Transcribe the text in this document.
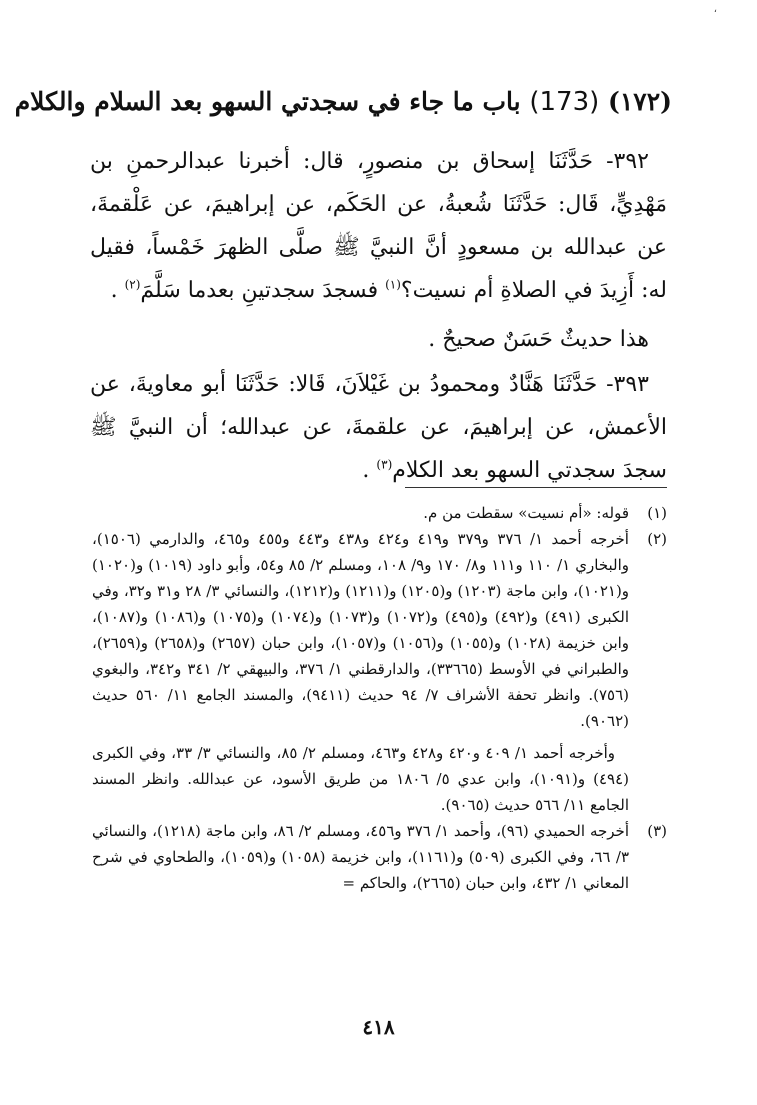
،
(١٧٢) (173) باب ما جاء في سجدتي السهو بعد السلام والكلام

٣٩٢- حَدَّثَنَا إسحاق بن منصورٍ، قال: أخبرنا عبدالرحمنِ بن مَهْدِيٍّ، قَال: حَدَّثَنَا شُعبةُ، عن الحَكَم، عن إبراهيمَ، عن عَلْقمةَ، عن عبدالله بن مسعودٍ أنَّ النبيَّ ﷺ صلَّى الظهرَ خَمْساً، فقيل له: أَزِيدَ في الصلاةِ أم نسيت؟$^{(١)}$ فسجدَ سجدتينِ بعدما سَلَّمَ$^{(٢)}$ .

هذا حديثٌ حَسَنٌ صحيحٌ .

٣٩٣- حَدَّثَنَا هَنَّادٌ ومحمودُ بن غَيْلاَنَ، قَالا: حَدَّثَنَا أبو معاويةَ، عن الأعمش، عن إبراهيمَ، عن علقمةَ، عن عبدالله؛ أن النبيَّ ﷺ سجدَ سجدتي السهو بعد الكلام$^{(٣)}$ .

(١)
قوله: «أم نسيت» سقطت من م.
(٢)
أخرجه أحمد ١/ ٣٧٦ و٣٧٩ و٤١٩ و٤٢٤ و٤٣٨ و٤٤٣ و٤٥٥ و٤٦٥، والدارمي (١٥٠٦)، والبخاري ١/ ١١٠ و١١١ و٨/ ١٧٠ و٩/ ١٠٨، ومسلم ٢/ ٨٥ و٥٤، وأبو داود (١٠١٩) و(١٠٢٠) و(١٠٢١)، وابن ماجة (١٢٠٣) و(١٢٠٥) و(١٢١١) و(١٢١٢)، والنسائي ٣/ ٢٨ و٣١ و٣٢، وفي الكبرى (٤٩١) و(٤٩٢) و(٤٩٥) و(١٠٧٢) و(١٠٧٣) و(١٠٧٤) و(١٠٧٥) و(١٠٨٦) و(١٠٨٧)، وابن خزيمة (١٠٢٨) و(١٠٥٥) و(١٠٥٦) و(١٠٥٧)، وابن حبان (٢٦٥٧) و(٢٦٥٨) و(٢٦٥٩)، والطبراني في الأوسط (٣٣٦٦٥)، والدارقطني ١/ ٣٧٦، والبيهقي ٢/ ٣٤١ و٣٤٢، والبغوي (٧٥٦). وانظر تحفة الأشراف ٧/ ٩٤ حديث (٩٤١١)، والمسند الجامع ١١/ ٥٦٠ حديث (٩٠٦٢).
وأخرجه أحمد ١/ ٤٠٩ و٤٢٠ و٤٢٨ و٤٦٣، ومسلم ٢/ ٨٥، والنسائي ٣/ ٣٣، وفي الكبرى (٤٩٤) و(١٠٩١)، وابن عدي ٥/ ١٨٠٦ من طريق الأسود، عن عبدالله. وانظر المسند الجامع ١١/ ٥٦٦ حديث (٩٠٦٥).
(٣)
أخرجه الحميدي (٩٦)، وأحمد ١/ ٣٧٦ و٤٥٦، ومسلم ٢/ ٨٦، وابن ماجة (١٢١٨)، والنسائي ٣/ ٦٦، وفي الكبرى (٥٠٩) و(١١٦١)، وابن خزيمة (١٠٥٨) و(١٠٥٩)، والطحاوي في شرح المعاني ١/ ٤٣٢، وابن حبان (٢٦٦٥)، والحاكم =
٤١٨
